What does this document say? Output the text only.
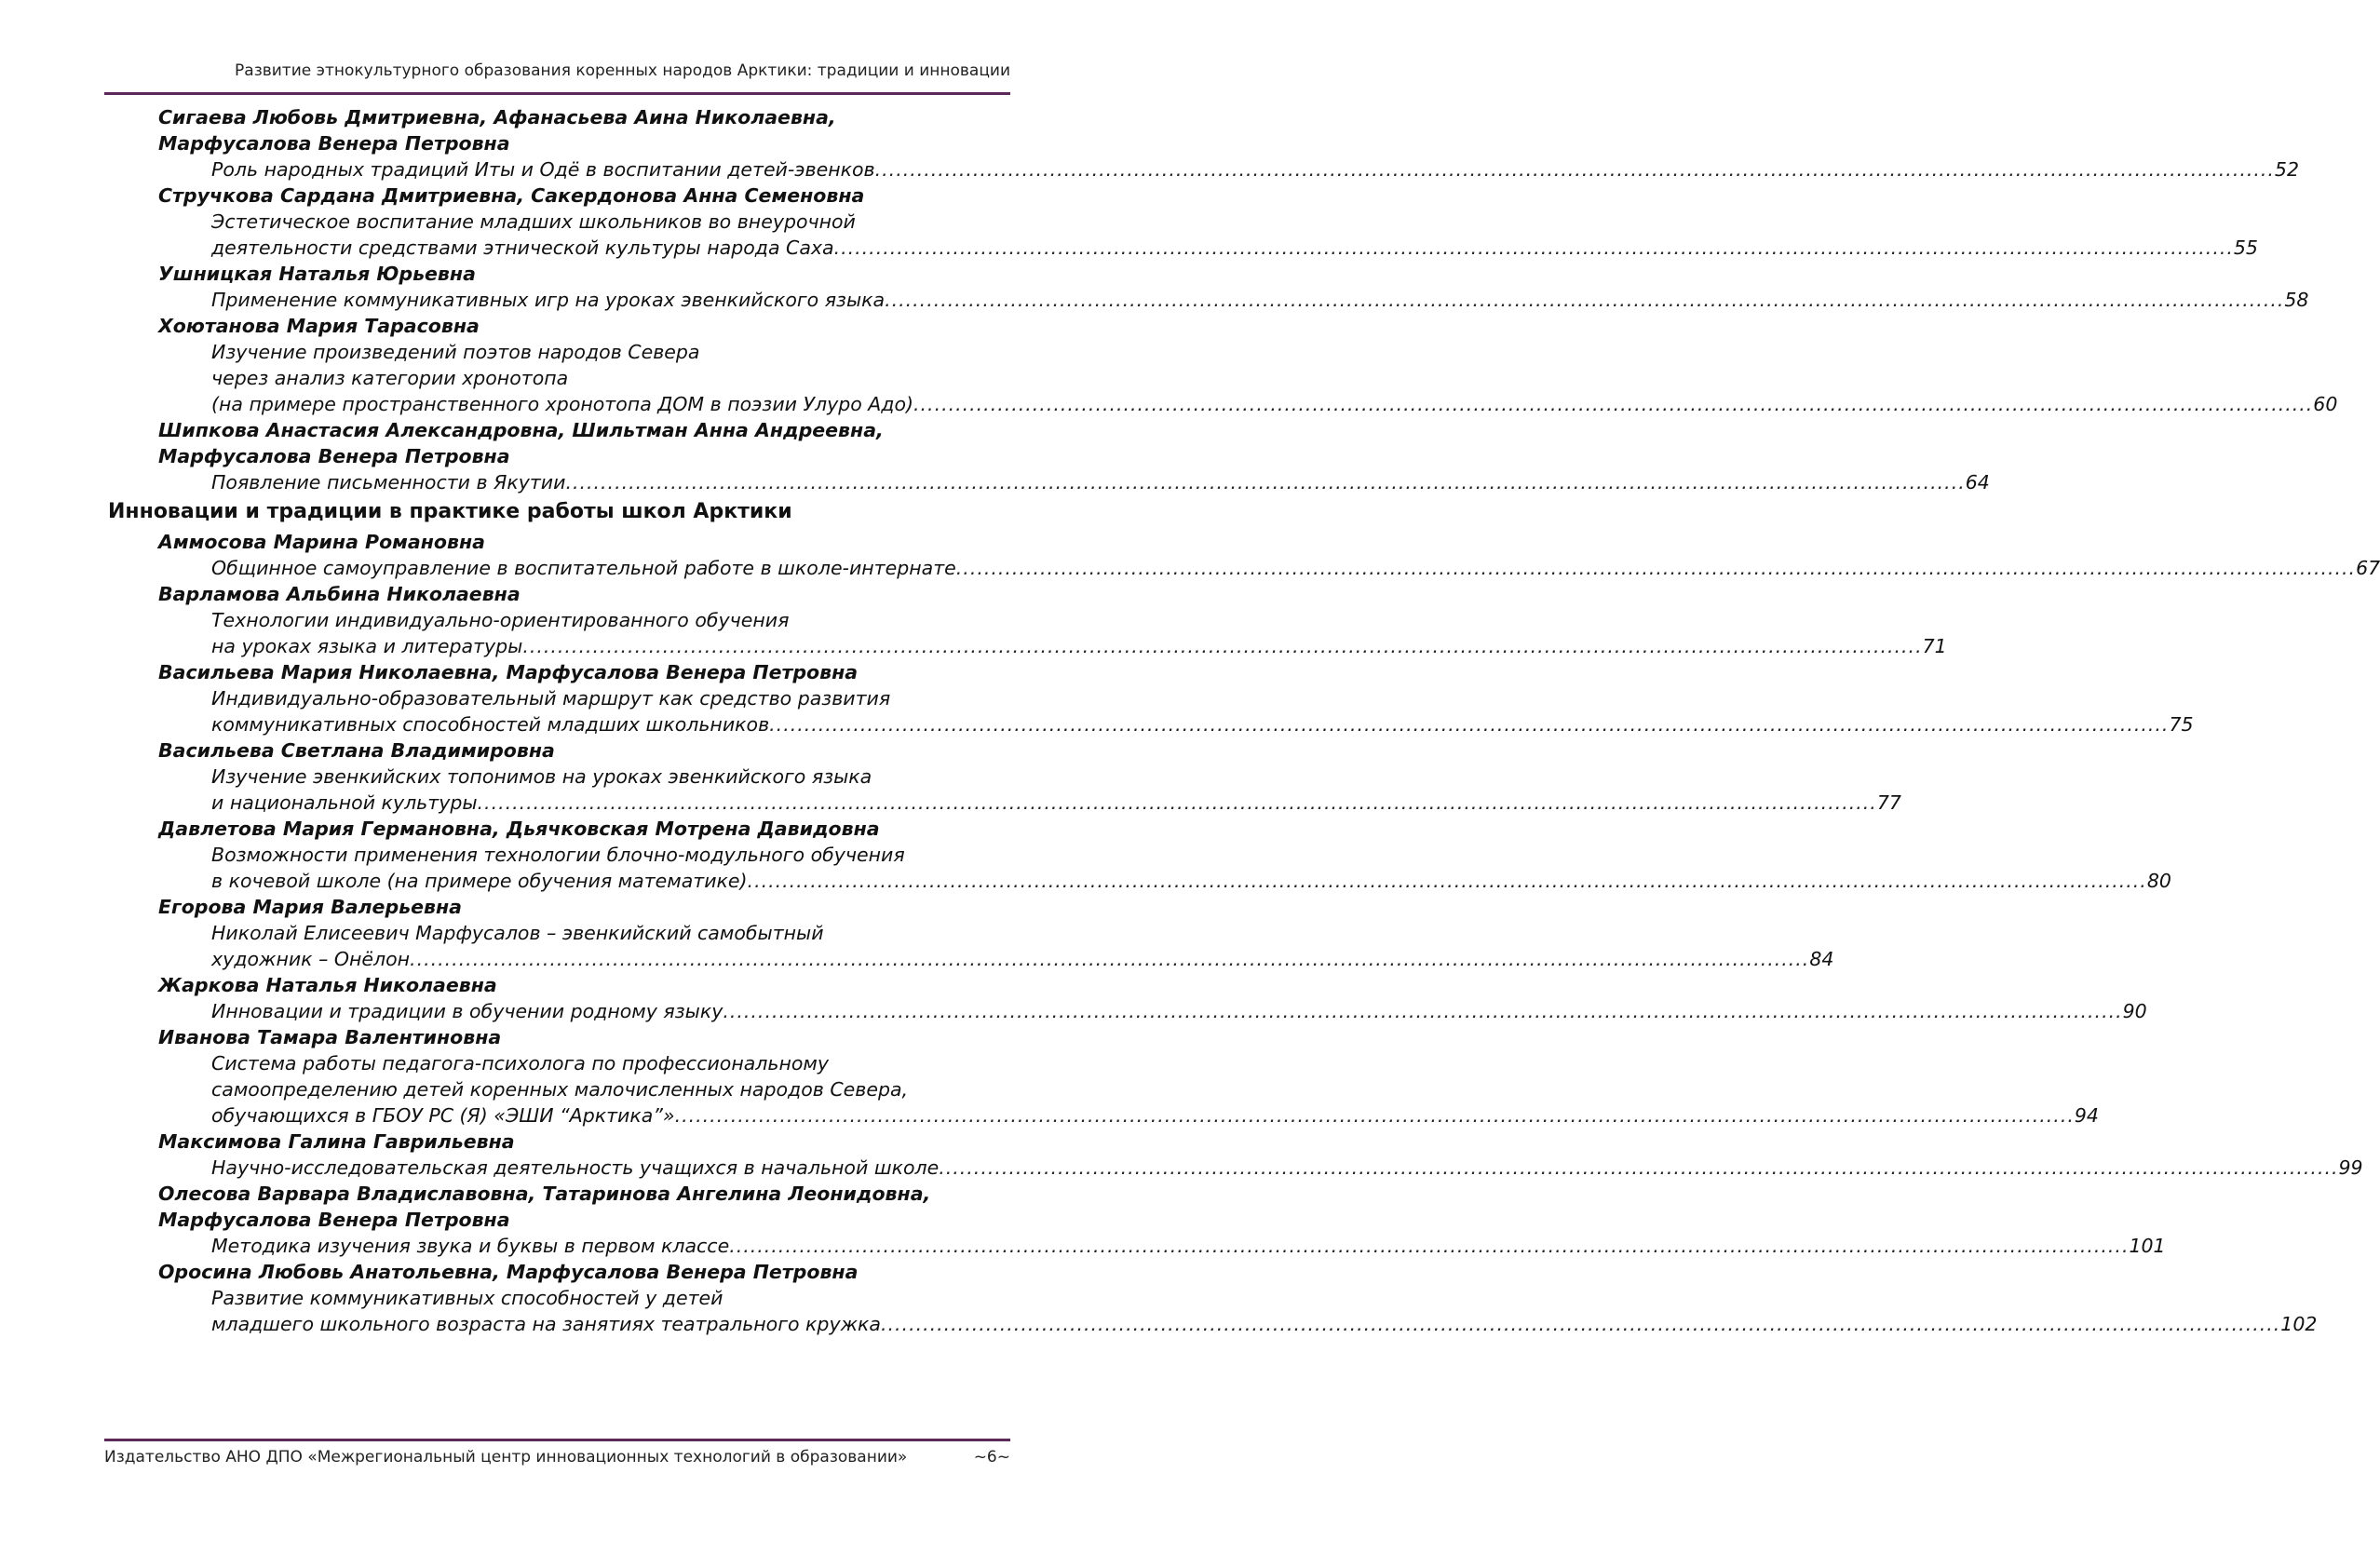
Развитие этнокультурного образования коренных народов Арктики: традиции и инновации
Сигаева Любовь Дмитриевна, Афанасьева Аина Николаевна,
Марфусалова Венера Петровна
Роль народных традиций Иты и Одё в воспитании детей-эвенков ........................................................................................................................................................................................................ 52
Стручкова Сардана Дмитриевна, Сакердонова Анна Семеновна
Эстетическое воспитание младших школьников во внеурочной
деятельности средствами этнической культуры народа Саха ........................................................................................................................................................................................................ 55
Ушницкая Наталья Юрьевна
Применение коммуникативных игр на уроках эвенкийского языка ........................................................................................................................................................................................................ 58
Хоютанова Мария Тарасовна
Изучение произведений поэтов народов Севера
через анализ категории хронотопа
(на примере пространственного хронотопа ДОМ в поэзии Улуро Адо) ........................................................................................................................................................................................................ 60
Шипкова Анастасия Александровна, Шильтман Анна Андреевна,
Марфусалова Венера Петровна
Появление письменности в Якутии ........................................................................................................................................................................................................ 64
Инновации и традиции в практике работы школ Арктики
Аммосова Марина Романовна
Общинное самоуправление в воспитательной работе в школе-интернате ........................................................................................................................................................................................................ 67
Варламова Альбина Николаевна
Технологии индивидуально-ориентированного обучения
на уроках языка и литературы ........................................................................................................................................................................................................ 71
Васильева Мария Николаевна, Марфусалова Венера Петровна
Индивидуально-образовательный маршрут как средство развития
коммуникативных способностей младших школьников ........................................................................................................................................................................................................ 75
Васильева Светлана Владимировна
Изучение эвенкийских топонимов на уроках эвенкийского языка
и национальной культуры ........................................................................................................................................................................................................ 77
Давлетова Мария Германовна, Дьячковская Мотрена Давидовна
Возможности применения технологии блочно-модульного обучения
в кочевой школе (на примере обучения математике) ........................................................................................................................................................................................................ 80
Егорова Мария Валерьевна
Николай Елисеевич Марфусалов – эвенкийский самобытный
художник – Онёлон ........................................................................................................................................................................................................ 84
Жаркова Наталья Николаевна
Инновации и традиции в обучении родному языку ........................................................................................................................................................................................................ 90
Иванова Тамара Валентиновна
Система работы педагога-психолога по профессиональному
самоопределению детей коренных малочисленных народов Севера,
обучающихся в ГБОУ РС (Я) «ЭШИ “Арктика”» ........................................................................................................................................................................................................ 94
Максимова Галина Гаврильевна
Научно-исследовательская деятельность учащихся в начальной школе ........................................................................................................................................................................................................ 99
Олесова Варвара Владиславовна, Татаринова Ангелина Леонидовна,
Марфусалова Венера Петровна
Методика изучения звука и буквы в первом классе ........................................................................................................................................................................................................ 101
Оросина Любовь Анатольевна, Марфусалова Венера Петровна
Развитие коммуникативных способностей у детей
младшего школьного возраста на занятиях театрального кружка ........................................................................................................................................................................................................ 102
Издательство АНО ДПО «Межрегиональный центр инновационных технологий в образовании»	~6~
